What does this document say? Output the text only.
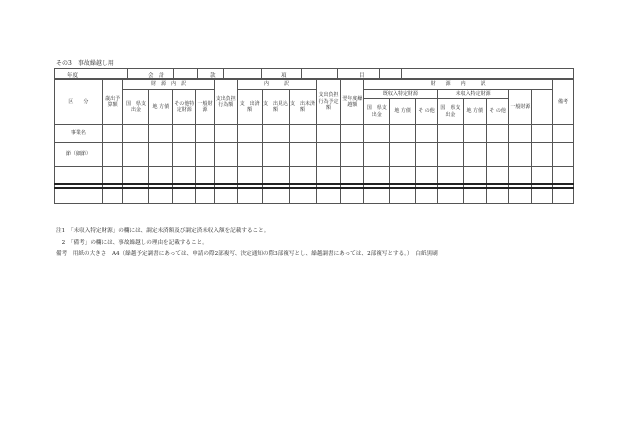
その3　事故繰越し用
年度	会　計	款	項	目
区　　分	歳出予算額	財　源　内　訳				支出負担行為額	内　　　訳			支出負担行為予定額	翌年度繰越額	財　　源　　内　　　訳								備考
		国　県支出金	地 方債	その他特定財源	一般財源		支　出済　額	支　出見込額	支　出未済額			既収入特定財源			未収入特定財源			一般財源		
												国　県支出金	地 方債	そ の他	国　県支出金	地 方債	そ の他			
事業名																				
節（細節）																				

注1　「未収入特定財源」の欄には、調定未済額及び調定済未収入額を記載すること。
　2　「備考」の欄には、事故繰越しの理由を記載すること。
備考　用紙の大きさ　A4（繰越予定調書にあっては、申請の際2部複写、決定通知の際3部複写とし、繰越調書にあっては、2部複写とする。）　白紙黒刷
